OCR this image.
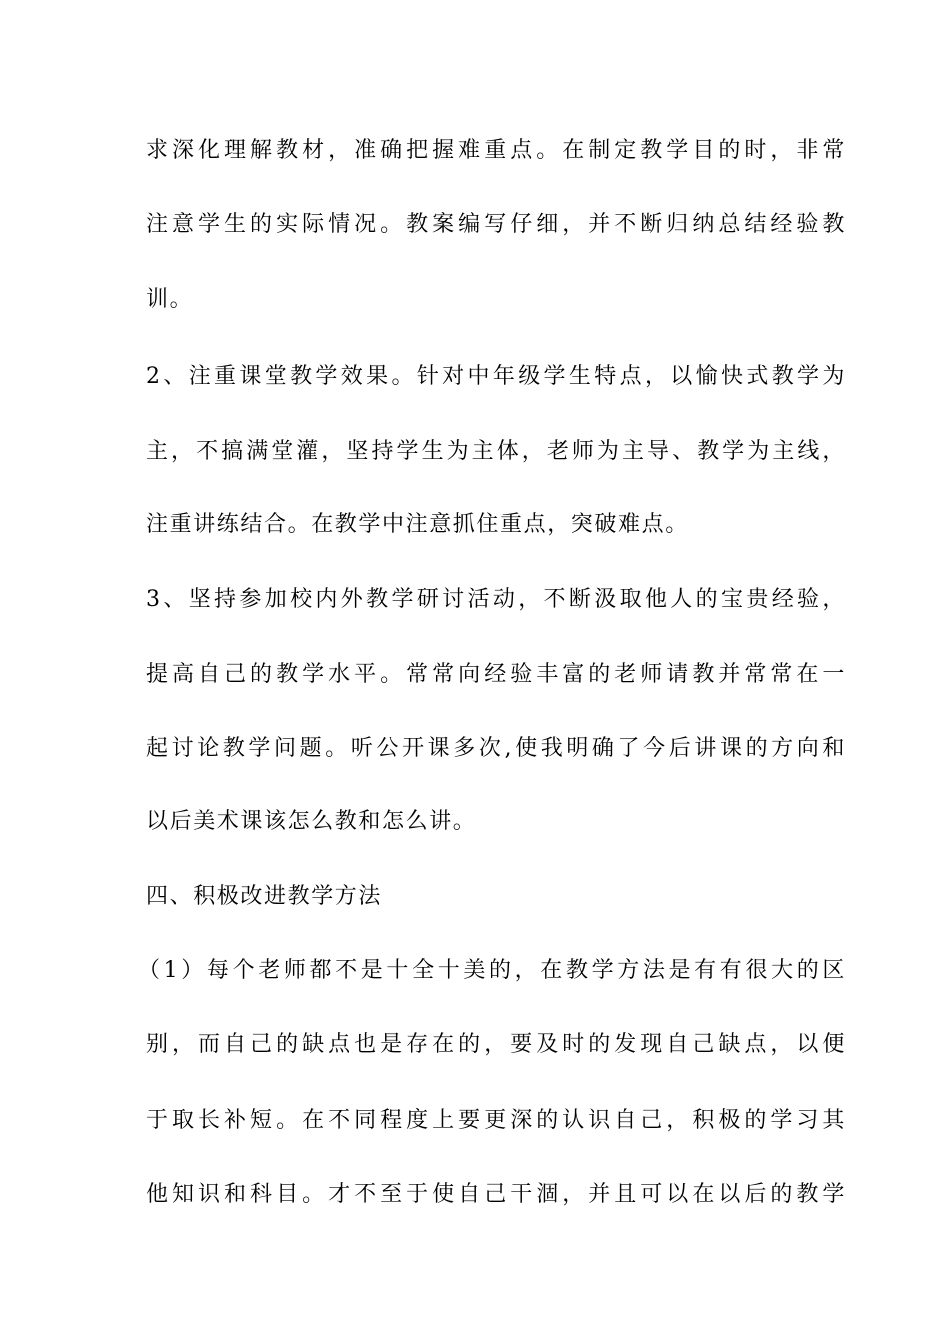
求深化理解教材，准确把握难重点。在制定教学目的时，非常
注意学生的实际情况。教案编写仔细，并不断归纳总结经验教
训。
2、注重课堂教学效果。针对中年级学生特点，以愉快式教学为
主，不搞满堂灌，坚持学生为主体，老师为主导、教学为主线，
注重讲练结合。在教学中注意抓住重点，突破难点。
3、坚持参加校内外教学研讨活动，不断汲取他人的宝贵经验，
提高自己的教学水平。常常向经验丰富的老师请教并常常在一
起讨论教学问题。听公开课多次,使我明确了今后讲课的方向和
以后美术课该怎么教和怎么讲。
四、积极改进教学方法
（1）每个老师都不是十全十美的，在教学方法是有有很大的区
别，而自己的缺点也是存在的，要及时的发现自己缺点，以便
于取长补短。在不同程度上要更深的认识自己，积极的学习其
他知识和科目。才不至于使自己干涸，并且可以在以后的教学
